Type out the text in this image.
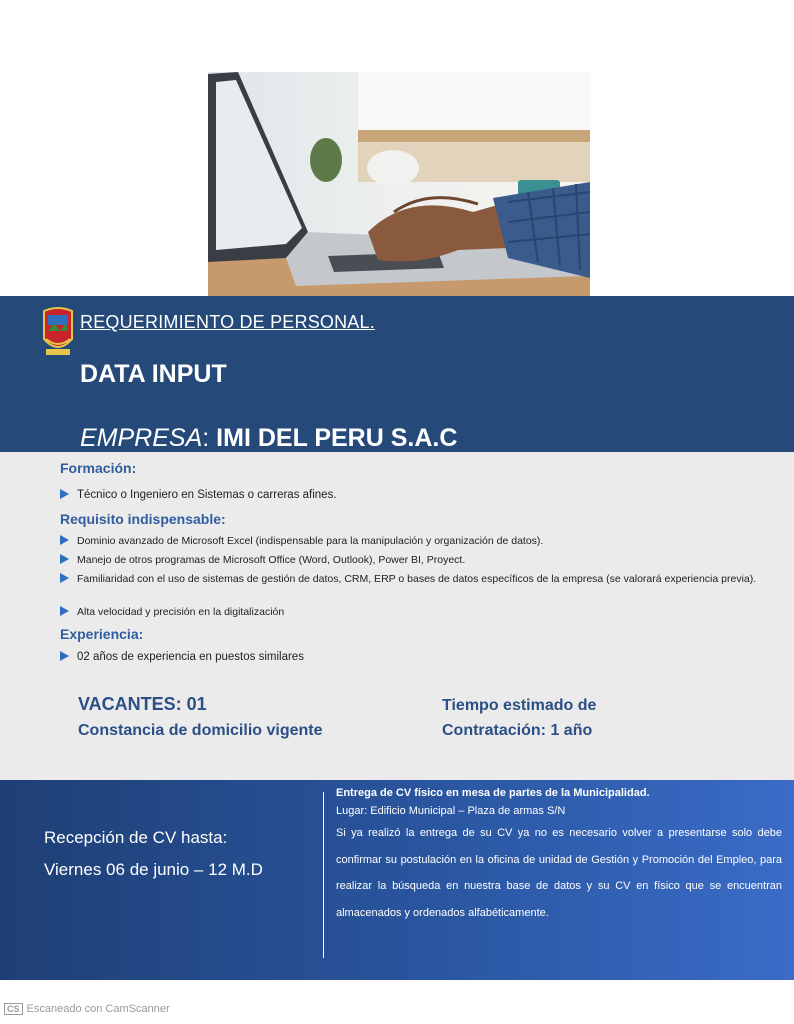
REQUERIMIENTO DE PERSONAL.
DATA INPUT
EMPRESA: IMI DEL PERU S.A.C
Formación:
Técnico o Ingeniero en Sistemas o carreras afines.
Requisito indispensable:
Dominio avanzado de Microsoft Excel (indispensable para la manipulación y organización de datos).
Manejo de otros programas de Microsoft Office (Word, Outlook), Power BI, Proyect.
Familiaridad con el uso de sistemas de gestión de datos, CRM, ERP o bases de datos específicos de la empresa (se valorará experiencia previa).
Alta velocidad y precisión en la digitalización
Experiencia:
02 años de experiencia en puestos similares
VACANTES: 01
Constancia de domicilio vigente
Tiempo estimado de
Contratación: 1 año
Recepción de CV hasta:
Viernes 06 de junio – 12 M.D
Entrega de CV físico en mesa de partes de la Municipalidad.
Lugar: Edificio Municipal – Plaza de armas S/N
Si ya realizó la entrega de su CV ya no es necesario volver a presentarse solo debe confirmar su postulación en la oficina de unidad de Gestión y Promoción del Empleo, para realizar la búsqueda en nuestra base de datos y su CV en físico que se encuentran almacenados y ordenados alfabéticamente.
CS Escaneado con CamScanner
